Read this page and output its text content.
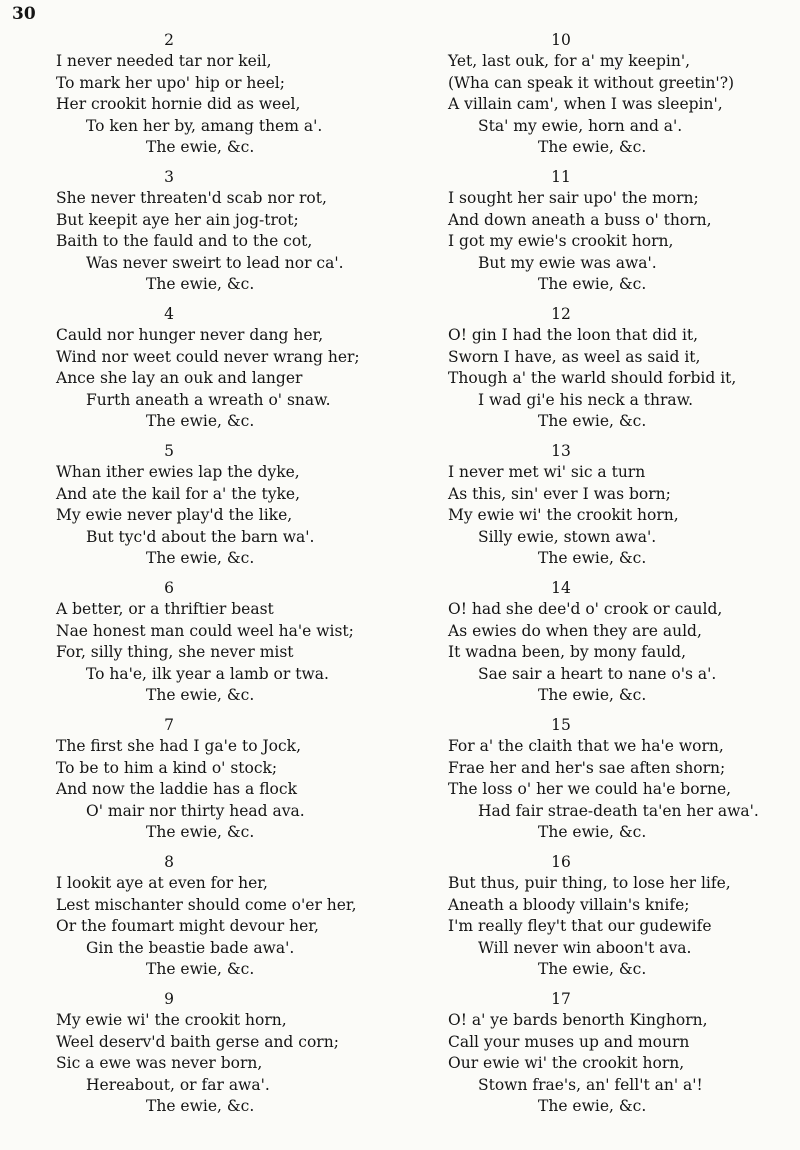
30
2
I never needed tar nor keil,
To mark her upo' hip or heel;
Her crookit hornie did as weel,
To ken her by, amang them a'.
The ewie, &c.
3
She never threaten'd scab nor rot,
But keepit aye her ain jog-trot;
Baith to the fauld and to the cot,
Was never sweirt to lead nor ca'.
The ewie, &c.
4
Cauld nor hunger never dang her,
Wind nor weet could never wrang her;
Ance she lay an ouk and langer
Furth aneath a wreath o' snaw.
The ewie, &c.
5
Whan ither ewies lap the dyke,
And ate the kail for a' the tyke,
My ewie never play'd the like,
But tyc'd about the barn wa'.
The ewie, &c.
6
A better, or a thriftier beast
Nae honest man could weel ha'e wist;
For, silly thing, she never mist
To ha'e, ilk year a lamb or twa.
The ewie, &c.
7
The first she had I ga'e to Jock,
To be to him a kind o' stock;
And now the laddie has a flock
O' mair nor thirty head ava.
The ewie, &c.
8
I lookit aye at even for her,
Lest mischanter should come o'er her,
Or the foumart might devour her,
Gin the beastie bade awa'.
The ewie, &c.
9
My ewie wi' the crookit horn,
Weel deserv'd baith gerse and corn;
Sic a ewe was never born,
Hereabout, or far awa'.
The ewie, &c.
10
Yet, last ouk, for a' my keepin',
(Wha can speak it without greetin'?)
A villain cam', when I was sleepin',
Sta' my ewie, horn and a'.
The ewie, &c.
11
I sought her sair upo' the morn;
And down aneath a buss o' thorn,
I got my ewie's crookit horn,
But my ewie was awa'.
The ewie, &c.
12
O! gin I had the loon that did it,
Sworn I have, as weel as said it,
Though a' the warld should forbid it,
I wad gi'e his neck a thraw.
The ewie, &c.
13
I never met wi' sic a turn
As this, sin' ever I was born;
My ewie wi' the crookit horn,
Silly ewie, stown awa'.
The ewie, &c.
14
O! had she dee'd o' crook or cauld,
As ewies do when they are auld,
It wadna been, by mony fauld,
Sae sair a heart to nane o's a'.
The ewie, &c.
15
For a' the claith that we ha'e worn,
Frae her and her's sae aften shorn;
The loss o' her we could ha'e borne,
Had fair strae-death ta'en her awa'.
The ewie, &c.
16
But thus, puir thing, to lose her life,
Aneath a bloody villain's knife;
I'm really fley't that our gudewife
Will never win aboon't ava.
The ewie, &c.
17
O! a' ye bards benorth Kinghorn,
Call your muses up and mourn
Our ewie wi' the crookit horn,
Stown frae's, an' fell't an' a'!
The ewie, &c.
